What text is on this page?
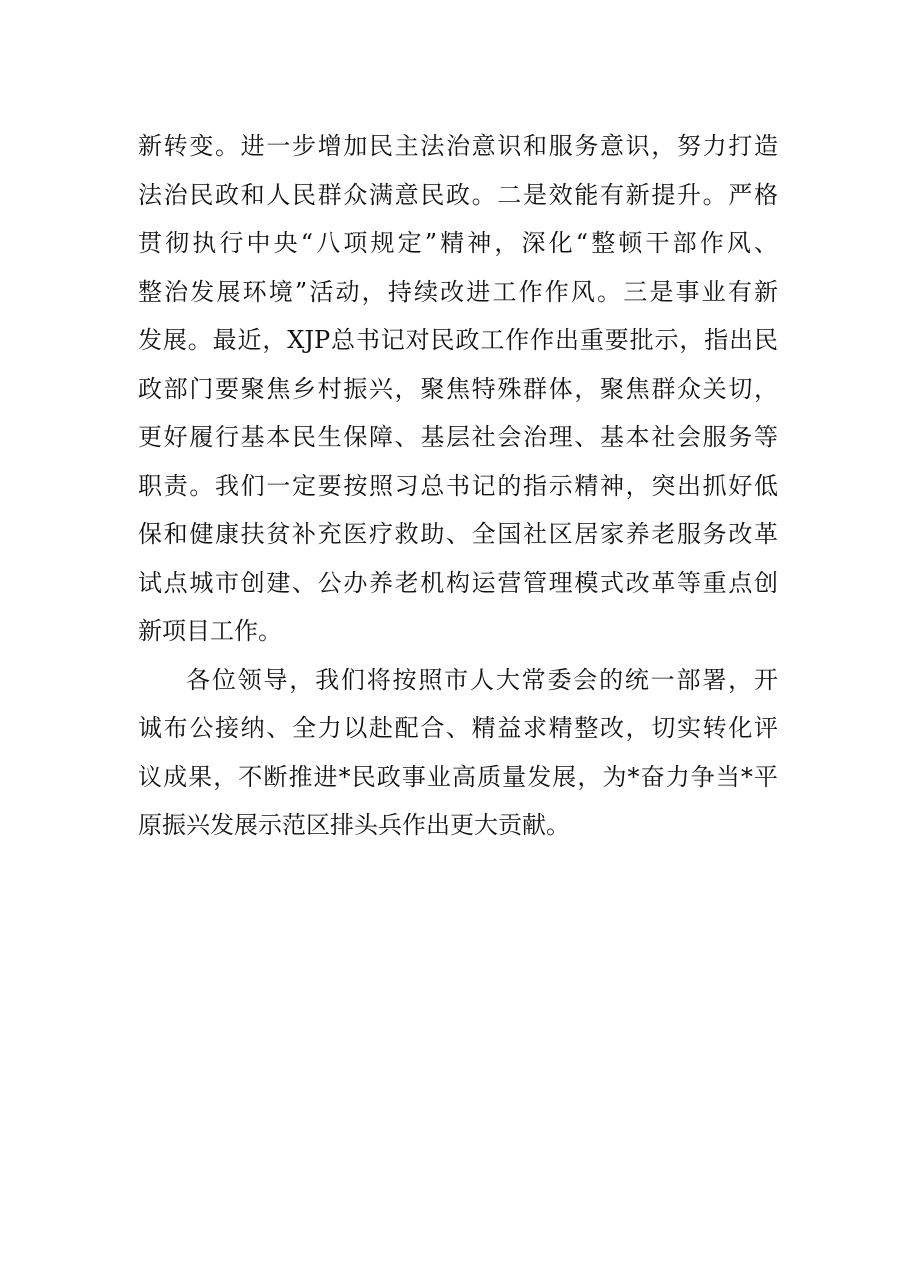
新转变。进一步增加民主法治意识和服务意识，努力打造
法治民政和人民群众满意民政。二是效能有新提升。严格
贯彻执行中央“八项规定”精神，深化“整顿干部作风、
整治发展环境”活动，持续改进工作作风。三是事业有新
发展。最近，XJP总书记对民政工作作出重要批示，指出民
政部门要聚焦乡村振兴，聚焦特殊群体，聚焦群众关切，
更好履行基本民生保障、基层社会治理、基本社会服务等
职责。我们一定要按照习总书记的指示精神，突出抓好低
保和健康扶贫补充医疗救助、全国社区居家养老服务改革
试点城市创建、公办养老机构运营管理模式改革等重点创
新项目工作。
各位领导，我们将按照市人大常委会的统一部署，开
诚布公接纳、全力以赴配合、精益求精整改，切实转化评
议成果，不断推进*民政事业高质量发展，为*奋力争当*平
原振兴发展示范区排头兵作出更大贡献。
